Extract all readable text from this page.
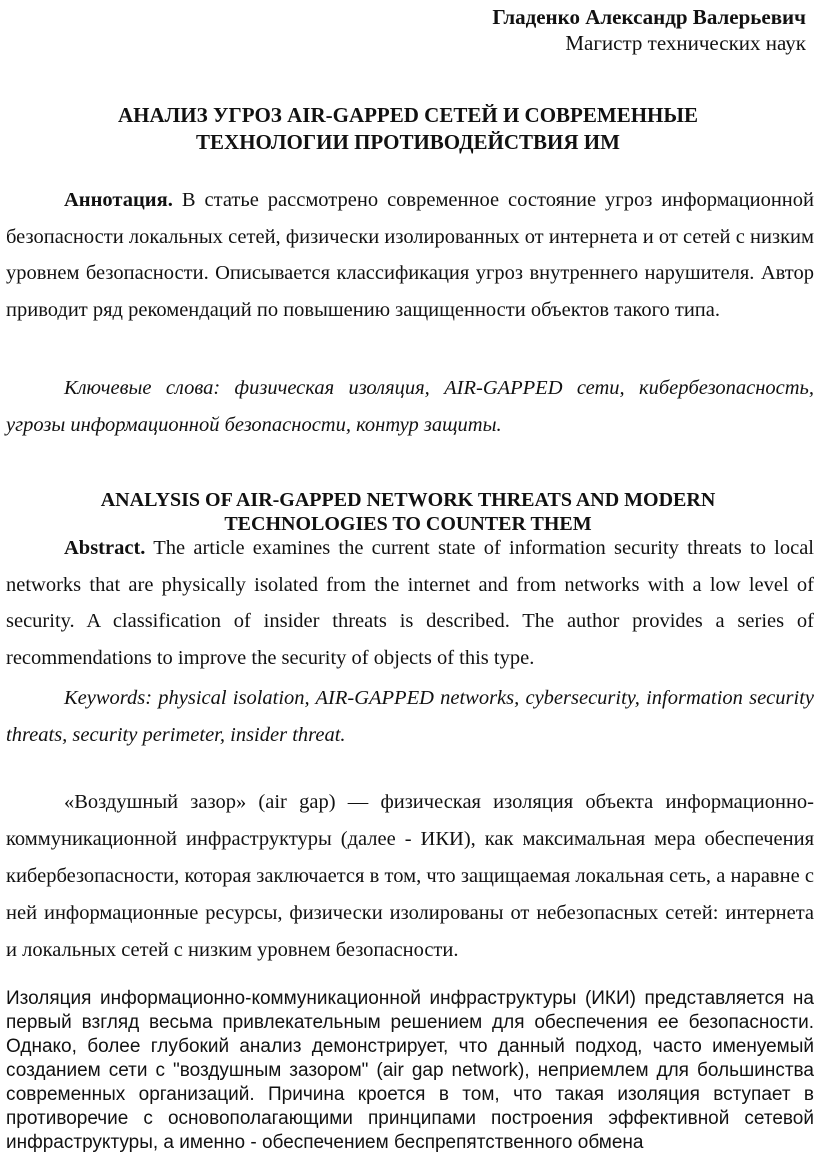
Гладенко Александр Валерьевич
Магистр технических наук
АНАЛИЗ УГРОЗ AIR-GAPPED СЕТЕЙ И СОВРЕМЕННЫЕ
ТЕХНОЛОГИИ ПРОТИВОДЕЙСТВИЯ ИМ
Аннотация. В статье рассмотрено современное состояние угроз информационной безопасности локальных сетей, физически изолированных от интернета и от сетей с низким уровнем безопасности. Описывается классификация угроз внутреннего нарушителя. Автор приводит ряд рекомендаций по повышению защищенности объектов такого типа.
Ключевые слова: физическая изоляция, AIR-GAPPED сети, кибербезопасность, угрозы информационной безопасности, контур защиты.
ANALYSIS OF AIR-GAPPED NETWORK THREATS AND MODERN
TECHNOLOGIES TO COUNTER THEM
Abstract. The article examines the current state of information security threats to local networks that are physically isolated from the internet and from networks with a low level of security. A classification of insider threats is described. The author provides a series of recommendations to improve the security of objects of this type.
Keywords: physical isolation, AIR-GAPPED networks, cybersecurity, information security threats, security perimeter, insider threat.
«Воздушный зазор» (air gap) — физическая изоляция объекта информационно-коммуникационной инфраструктуры (далее - ИКИ), как максимальная мера обеспечения кибербезопасности, которая заключается в том, что защищаемая локальная сеть, а наравне с ней информационные ресурсы, физически изолированы от небезопасных сетей: интернета и локальных сетей с низким уровнем безопасности.
Изоляция информационно-коммуникационной инфраструктуры (ИКИ) представляется на первый взгляд весьма привлекательным решением для обеспечения ее безопасности. Однако, более глубокий анализ демонстрирует, что данный подход, часто именуемый созданием сети с "воздушным зазором" (air gap network), неприемлем для большинства современных организаций. Причина кроется в том, что такая изоляция вступает в противоречие с основополагающими принципами построения эффективной сетевой инфраструктуры, а именно - обеспечением беспрепятственного обмена
